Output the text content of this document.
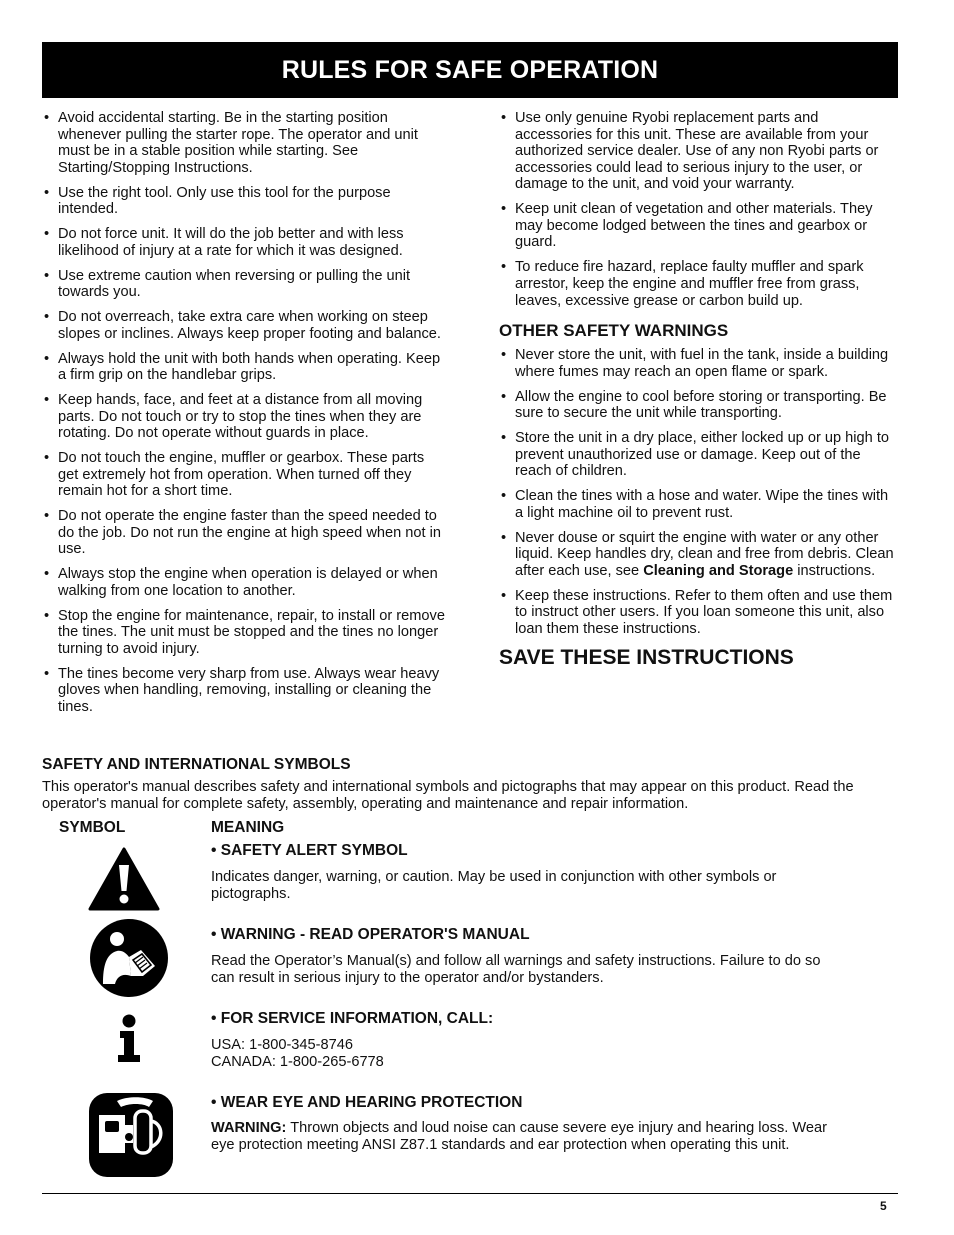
RULES FOR SAFE OPERATION
• Avoid accidental starting. Be in the starting position whenever pulling the starter rope. The operator and unit must be in a stable position while starting. See Starting/Stopping Instructions.
• Use the right tool. Only use this tool for the purpose intended.
• Do not force unit. It will do the job better and with less likelihood of injury at a rate for which it was designed.
• Use extreme caution when reversing or pulling the unit towards you.
• Do not overreach, take extra care when working on steep slopes or inclines. Always keep proper footing and balance.
• Always hold the unit with both hands when operating. Keep a firm grip on the handlebar grips.
• Keep hands, face, and feet at a distance from all moving parts. Do not touch or try to stop the tines when they are rotating. Do not operate without guards in place.
• Do not touch the engine, muffler or gearbox. These parts get extremely hot from operation. When turned off they remain hot for a short time.
• Do not operate the engine faster than the speed needed to do the job. Do not run the engine at high speed when not in use.
• Always stop the engine when operation is delayed or when walking from one location to another.
• Stop the engine for maintenance, repair, to install or remove the tines. The unit must be stopped and the tines no longer turning to avoid injury.
• The tines become very sharp from use. Always wear heavy gloves when handling, removing, installing or cleaning the tines.
• Use only genuine Ryobi replacement parts and accessories for this unit. These are available from your authorized service dealer. Use of any non Ryobi parts or accessories could lead to serious injury to the user, or damage to the unit, and void your warranty.
• Keep unit clean of vegetation and other materials. They may become lodged between the tines and gearbox or guard.
• To reduce fire hazard, replace faulty muffler and spark arrestor, keep the engine and muffler free from grass, leaves, excessive grease or carbon build up.
OTHER SAFETY WARNINGS
• Never store the unit, with fuel in the tank, inside a building where fumes may reach an open flame or spark.
• Allow the engine to cool before storing or transporting. Be sure to secure the unit while transporting.
• Store the unit in a dry place, either locked up or up high to prevent unauthorized use or damage. Keep out of the reach of children.
• Clean the tines with a hose and water. Wipe the tines with a light machine oil to prevent rust.
• Never douse or squirt the engine with water or any other liquid. Keep handles dry, clean and free from debris. Clean after each use, see Cleaning and Storage instructions.
• Keep these instructions. Refer to them often and use them to instruct other users. If you loan someone this unit, also loan them these instructions.
SAVE THESE INSTRUCTIONS
SAFETY AND INTERNATIONAL SYMBOLS
This operator's manual describes safety and international symbols and pictographs that may appear on this product. Read the operator's manual for complete safety, assembly, operating and maintenance and repair information.
SYMBOL	MEANING
• SAFETY ALERT SYMBOL
Indicates danger, warning, or caution. May be used in conjunction with other symbols or pictographs.
• WARNING - READ OPERATOR'S MANUAL
Read the Operator’s Manual(s) and follow all warnings and safety instructions. Failure to do so can result in serious injury to the operator and/or bystanders.
• FOR SERVICE INFORMATION, CALL:
USA: 1-800-345-8746
CANADA: 1-800-265-6778
• WEAR EYE AND HEARING PROTECTION
WARNING: Thrown objects and loud noise can cause severe eye injury and hearing loss. Wear eye protection meeting ANSI Z87.1 standards and ear protection when operating this unit.
5
